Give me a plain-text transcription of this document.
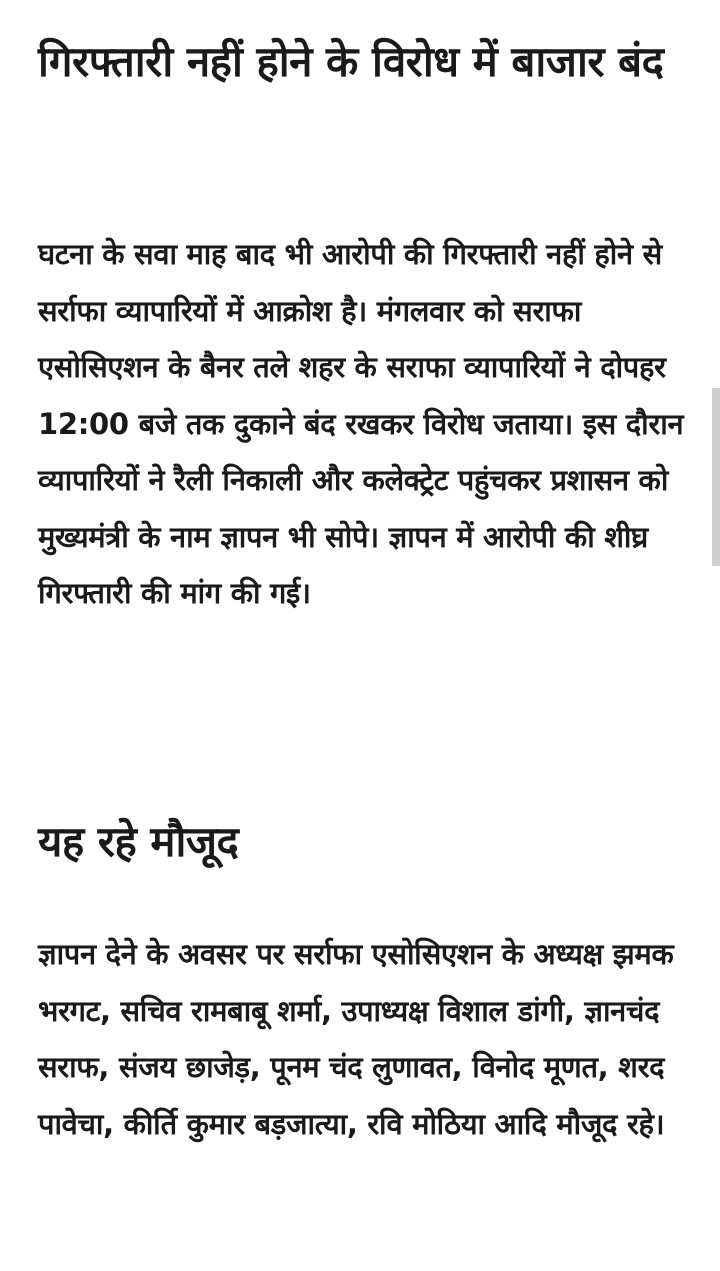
गिरफ्तारी नहीं होने के विरोध में बाजार बंद

घटना के सवा माह बाद भी आरोपी की गिरफ्तारी नहीं होने से सर्राफा व्यापारियों में आक्रोश है। मंगलवार को सराफा एसोसिएशन के बैनर तले शहर के सराफा व्यापारियों ने दोपहर 12:00 बजे तक दुकाने बंद रखकर विरोध जताया। इस दौरान व्यापारियों ने रैली निकाली और कलेक्ट्रेट पहुंचकर प्रशासन को मुख्यमंत्री के नाम ज्ञापन भी सोपे। ज्ञापन में आरोपी की शीघ्र गिरफ्तारी की मांग की गई।

यह रहे मौजूद

ज्ञापन देने के अवसर पर सर्राफा एसोसिएशन के अध्यक्ष झमक भरगट, सचिव रामबाबू शर्मा, उपाध्यक्ष विशाल डांगी, ज्ञानचंद सराफ, संजय छाजेड़, पूनम चंद लुणावत, विनोद मूणत, शरद पावेचा, कीर्ति कुमार बड़जात्या, रवि मोठिया आदि मौजूद रहे।
